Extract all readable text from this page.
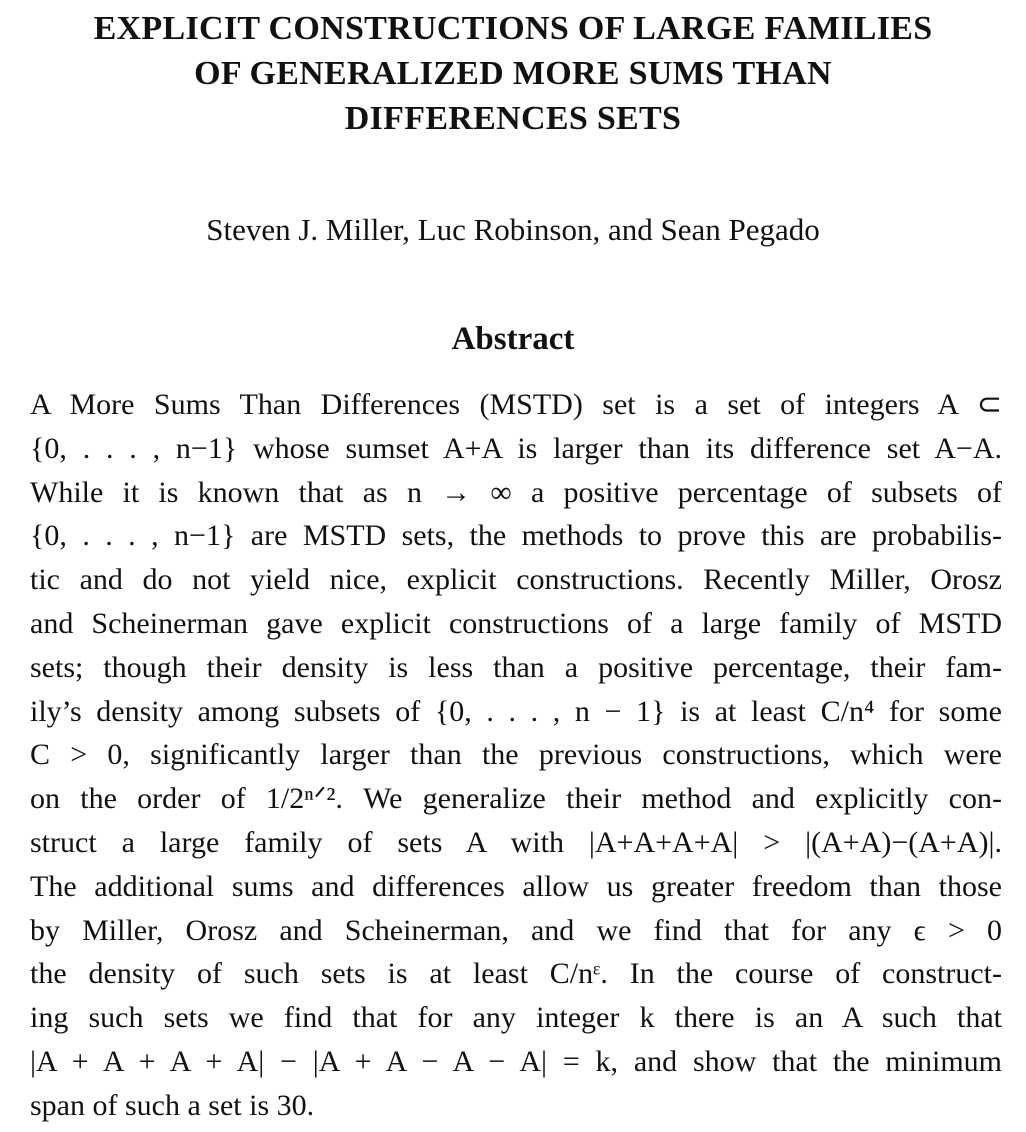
EXPLICIT CONSTRUCTIONS OF LARGE FAMILIES
OF GENERALIZED MORE SUMS THAN
DIFFERENCES SETS
Steven J. Miller, Luc Robinson, and Sean Pegado
Abstract
A More Sums Than Differences (MSTD) set is a set of integers A ⊂
{0, . . . , n−1} whose sumset A+A is larger than its difference set A−A.
While it is known that as n → ∞ a positive percentage of subsets of
{0, . . . , n−1} are MSTD sets, the methods to prove this are probabilis-
tic and do not yield nice, explicit constructions. Recently Miller, Orosz
and Scheinerman gave explicit constructions of a large family of MSTD
sets; though their density is less than a positive percentage, their fam-
ily’s density among subsets of {0, . . . , n − 1} is at least C/n⁴ for some
C > 0, significantly larger than the previous constructions, which were
on the order of 1/2ⁿᐟ². We generalize their method and explicitly con-
struct a large family of sets A with |A+A+A+A| > |(A+A)−(A+A)|.
The additional sums and differences allow us greater freedom than those
by Miller, Orosz and Scheinerman, and we find that for any ϵ > 0
the density of such sets is at least C/nᵋ. In the course of construct-
ing such sets we find that for any integer k there is an A such that
|A + A + A + A| − |A + A − A − A| = k, and show that the minimum
span of such a set is 30.
